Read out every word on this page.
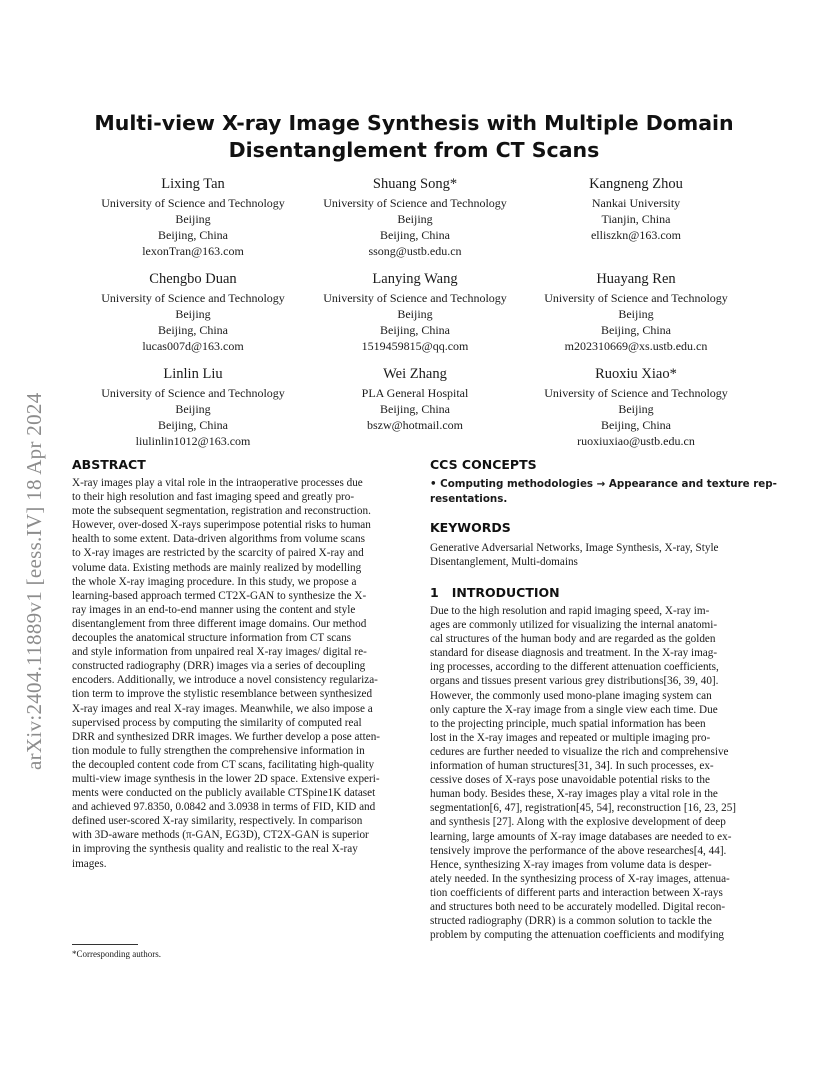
arXiv:2404.11889v1 [eess.IV] 18 Apr 2024
Multi-view X-ray Image Synthesis with Multiple Domain
Disentanglement from CT Scans
Lixing Tan
University of Science and Technology
Beijing
Beijing, China
lexonTran@163.com
Shuang Song*
University of Science and Technology
Beijing
Beijing, China
ssong@ustb.edu.cn
Kangneng Zhou
Nankai University
Tianjin, China
elliszkn@163.com
Chengbo Duan
University of Science and Technology
Beijing
Beijing, China
lucas007d@163.com
Lanying Wang
University of Science and Technology
Beijing
Beijing, China
1519459815@qq.com
Huayang Ren
University of Science and Technology
Beijing
Beijing, China
m202310669@xs.ustb.edu.cn
Linlin Liu
University of Science and Technology
Beijing
Beijing, China
liulinlin1012@163.com
Wei Zhang
PLA General Hospital
Beijing, China
bszw@hotmail.com
Ruoxiu Xiao*
University of Science and Technology
Beijing
Beijing, China
ruoxiuxiao@ustb.edu.cn
ABSTRACT
X-ray images play a vital role in the intraoperative processes due
to their high resolution and fast imaging speed and greatly pro-
mote the subsequent segmentation, registration and reconstruction.
However, over-dosed X-rays superimpose potential risks to human
health to some extent. Data-driven algorithms from volume scans
to X-ray images are restricted by the scarcity of paired X-ray and
volume data. Existing methods are mainly realized by modelling
the whole X-ray imaging procedure. In this study, we propose a
learning-based approach termed CT2X-GAN to synthesize the X-
ray images in an end-to-end manner using the content and style
disentanglement from three different image domains. Our method
decouples the anatomical structure information from CT scans
and style information from unpaired real X-ray images/ digital re-
constructed radiography (DRR) images via a series of decoupling
encoders. Additionally, we introduce a novel consistency regulariza-
tion term to improve the stylistic resemblance between synthesized
X-ray images and real X-ray images. Meanwhile, we also impose a
supervised process by computing the similarity of computed real
DRR and synthesized DRR images. We further develop a pose atten-
tion module to fully strengthen the comprehensive information in
the decoupled content code from CT scans, facilitating high-quality
multi-view image synthesis in the lower 2D space. Extensive experi-
ments were conducted on the publicly available CTSpine1K dataset
and achieved 97.8350, 0.0842 and 3.0938 in terms of FID, KID and
defined user-scored X-ray similarity, respectively. In comparison
with 3D-aware methods (π-GAN, EG3D), CT2X-GAN is superior
in improving the synthesis quality and realistic to the real X-ray
images.
*Corresponding authors.
CCS CONCEPTS
• Computing methodologies → Appearance and texture rep-
resentations.
KEYWORDS
Generative Adversarial Networks, Image Synthesis, X-ray, Style
Disentanglement, Multi-domains
1   INTRODUCTION
Due to the high resolution and rapid imaging speed, X-ray im-
ages are commonly utilized for visualizing the internal anatomi-
cal structures of the human body and are regarded as the golden
standard for disease diagnosis and treatment. In the X-ray imag-
ing processes, according to the different attenuation coefficients,
organs and tissues present various grey distributions[36, 39, 40].
However, the commonly used mono-plane imaging system can
only capture the X-ray image from a single view each time. Due
to the projecting principle, much spatial information has been
lost in the X-ray images and repeated or multiple imaging pro-
cedures are further needed to visualize the rich and comprehensive
information of human structures[31, 34]. In such processes, ex-
cessive doses of X-rays pose unavoidable potential risks to the
human body. Besides these, X-ray images play a vital role in the
segmentation[6, 47], registration[45, 54], reconstruction [16, 23, 25]
and synthesis [27]. Along with the explosive development of deep
learning, large amounts of X-ray image databases are needed to ex-
tensively improve the performance of the above researches[4, 44].
Hence, synthesizing X-ray images from volume data is desper-
ately needed. In the synthesizing process of X-ray images, attenua-
tion coefficients of different parts and interaction between X-rays
and structures both need to be accurately modelled. Digital recon-
structed radiography (DRR) is a common solution to tackle the
problem by computing the attenuation coefficients and modifying
